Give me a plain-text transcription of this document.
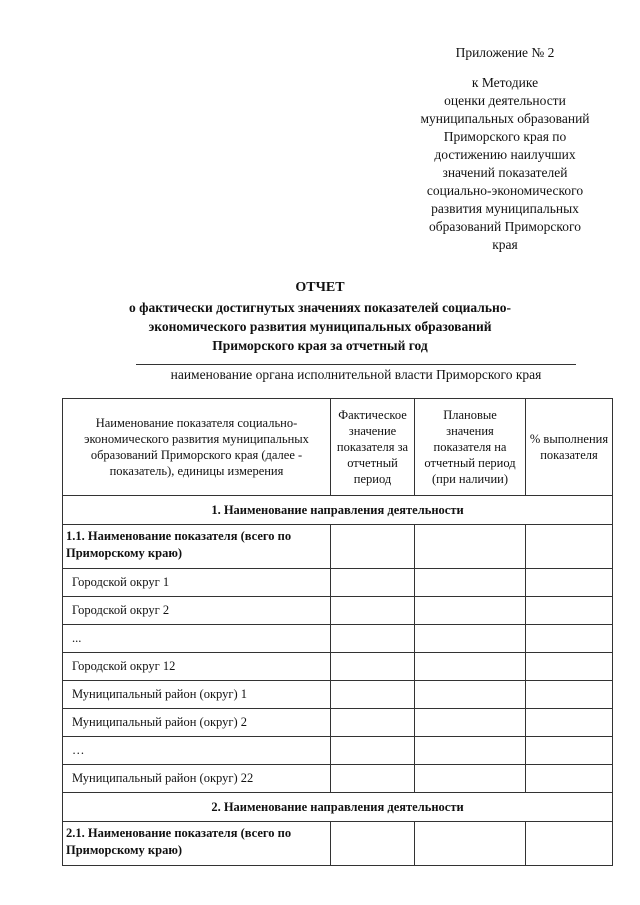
Приложение № 2
к Методике
оценки деятельности
муниципальных образований
Приморского края по
достижению наилучших
значений показателей
социально-экономического
развития муниципальных
образований Приморского
края
ОТЧЕТ
о фактически достигнутых значениях показателей социально-
экономического развития муниципальных образований
Приморского края за отчетный год
наименование органа исполнительной власти Приморского края
Наименование показателя социально-экономического развития муниципальных образований Приморского края (далее - показатель), единицы измерения	Фактическое значение показателя за отчетный период	Плановые значения показателя на отчетный период (при наличии)	% выполнения показателя
1. Наименование направления деятельности			
1.1. Наименование показателя (всего по Приморскому краю)			
Городской округ 1			
Городской округ 2			
...			
Городской округ 12			
Муниципальный район (округ) 1			
Муниципальный район (округ) 2			
…			
Муниципальный район (округ) 22			
2. Наименование направления деятельности			
2.1. Наименование показателя (всего по Приморскому краю)			
